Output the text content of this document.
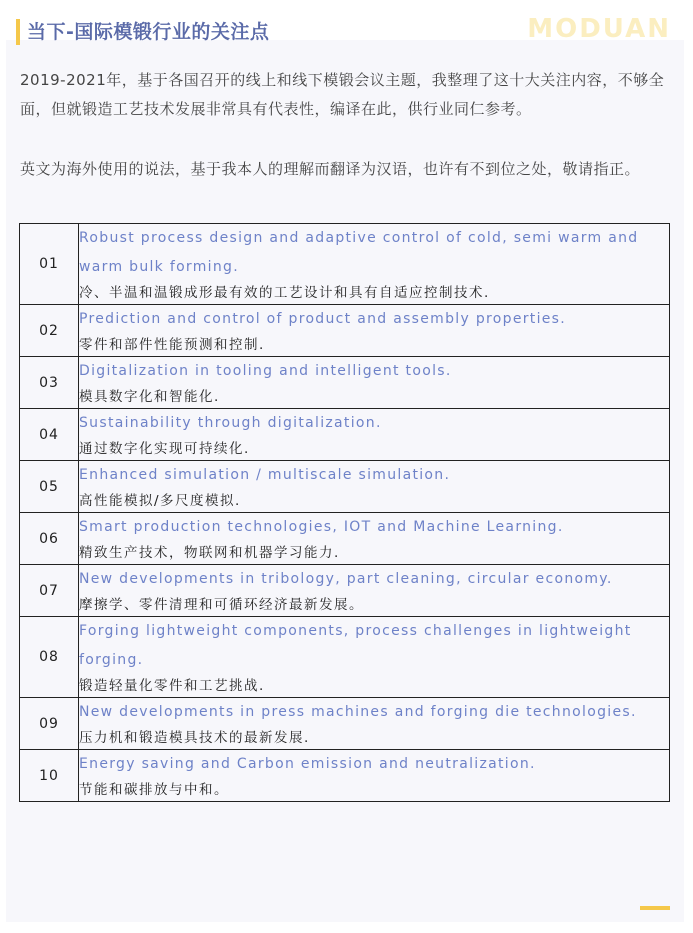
当下-国际模锻行业的关注点	MODUAN

2019-2021年，基于各国召开的线上和线下模锻会议主题，我整理了这十大关注内容，不够全面，但就锻造工艺技术发展非常具有代表性，编译在此，供行业同仁参考。

英文为海外使用的说法，基于我本人的理解而翻译为汉语，也许有不到位之处，敬请指正。

01	Robust process design and adaptive control of cold, semi warm and warm bulk forming.
冷、半温和温锻成形最有效的工艺设计和具有自适应控制技术.

02	Prediction and control of product and assembly properties.
零件和部件性能预测和控制.

03	Digitalization in tooling and intelligent tools.
模具数字化和智能化.

04	Sustainability through digitalization.
通过数字化实现可持续化.

05	Enhanced simulation / multiscale simulation.
高性能模拟/多尺度模拟.

06	Smart production technologies, IOT and Machine Learning.
精致生产技术，物联网和机器学习能力.

07	New developments in tribology, part cleaning, circular economy.
摩擦学、零件清理和可循环经济最新发展。

08	Forging lightweight components, process challenges in lightweight forging.
锻造轻量化零件和工艺挑战.

09	New developments in press machines and forging die technologies.
压力机和锻造模具技术的最新发展.

10	Energy saving and Carbon emission and neutralization.
节能和碳排放与中和。
